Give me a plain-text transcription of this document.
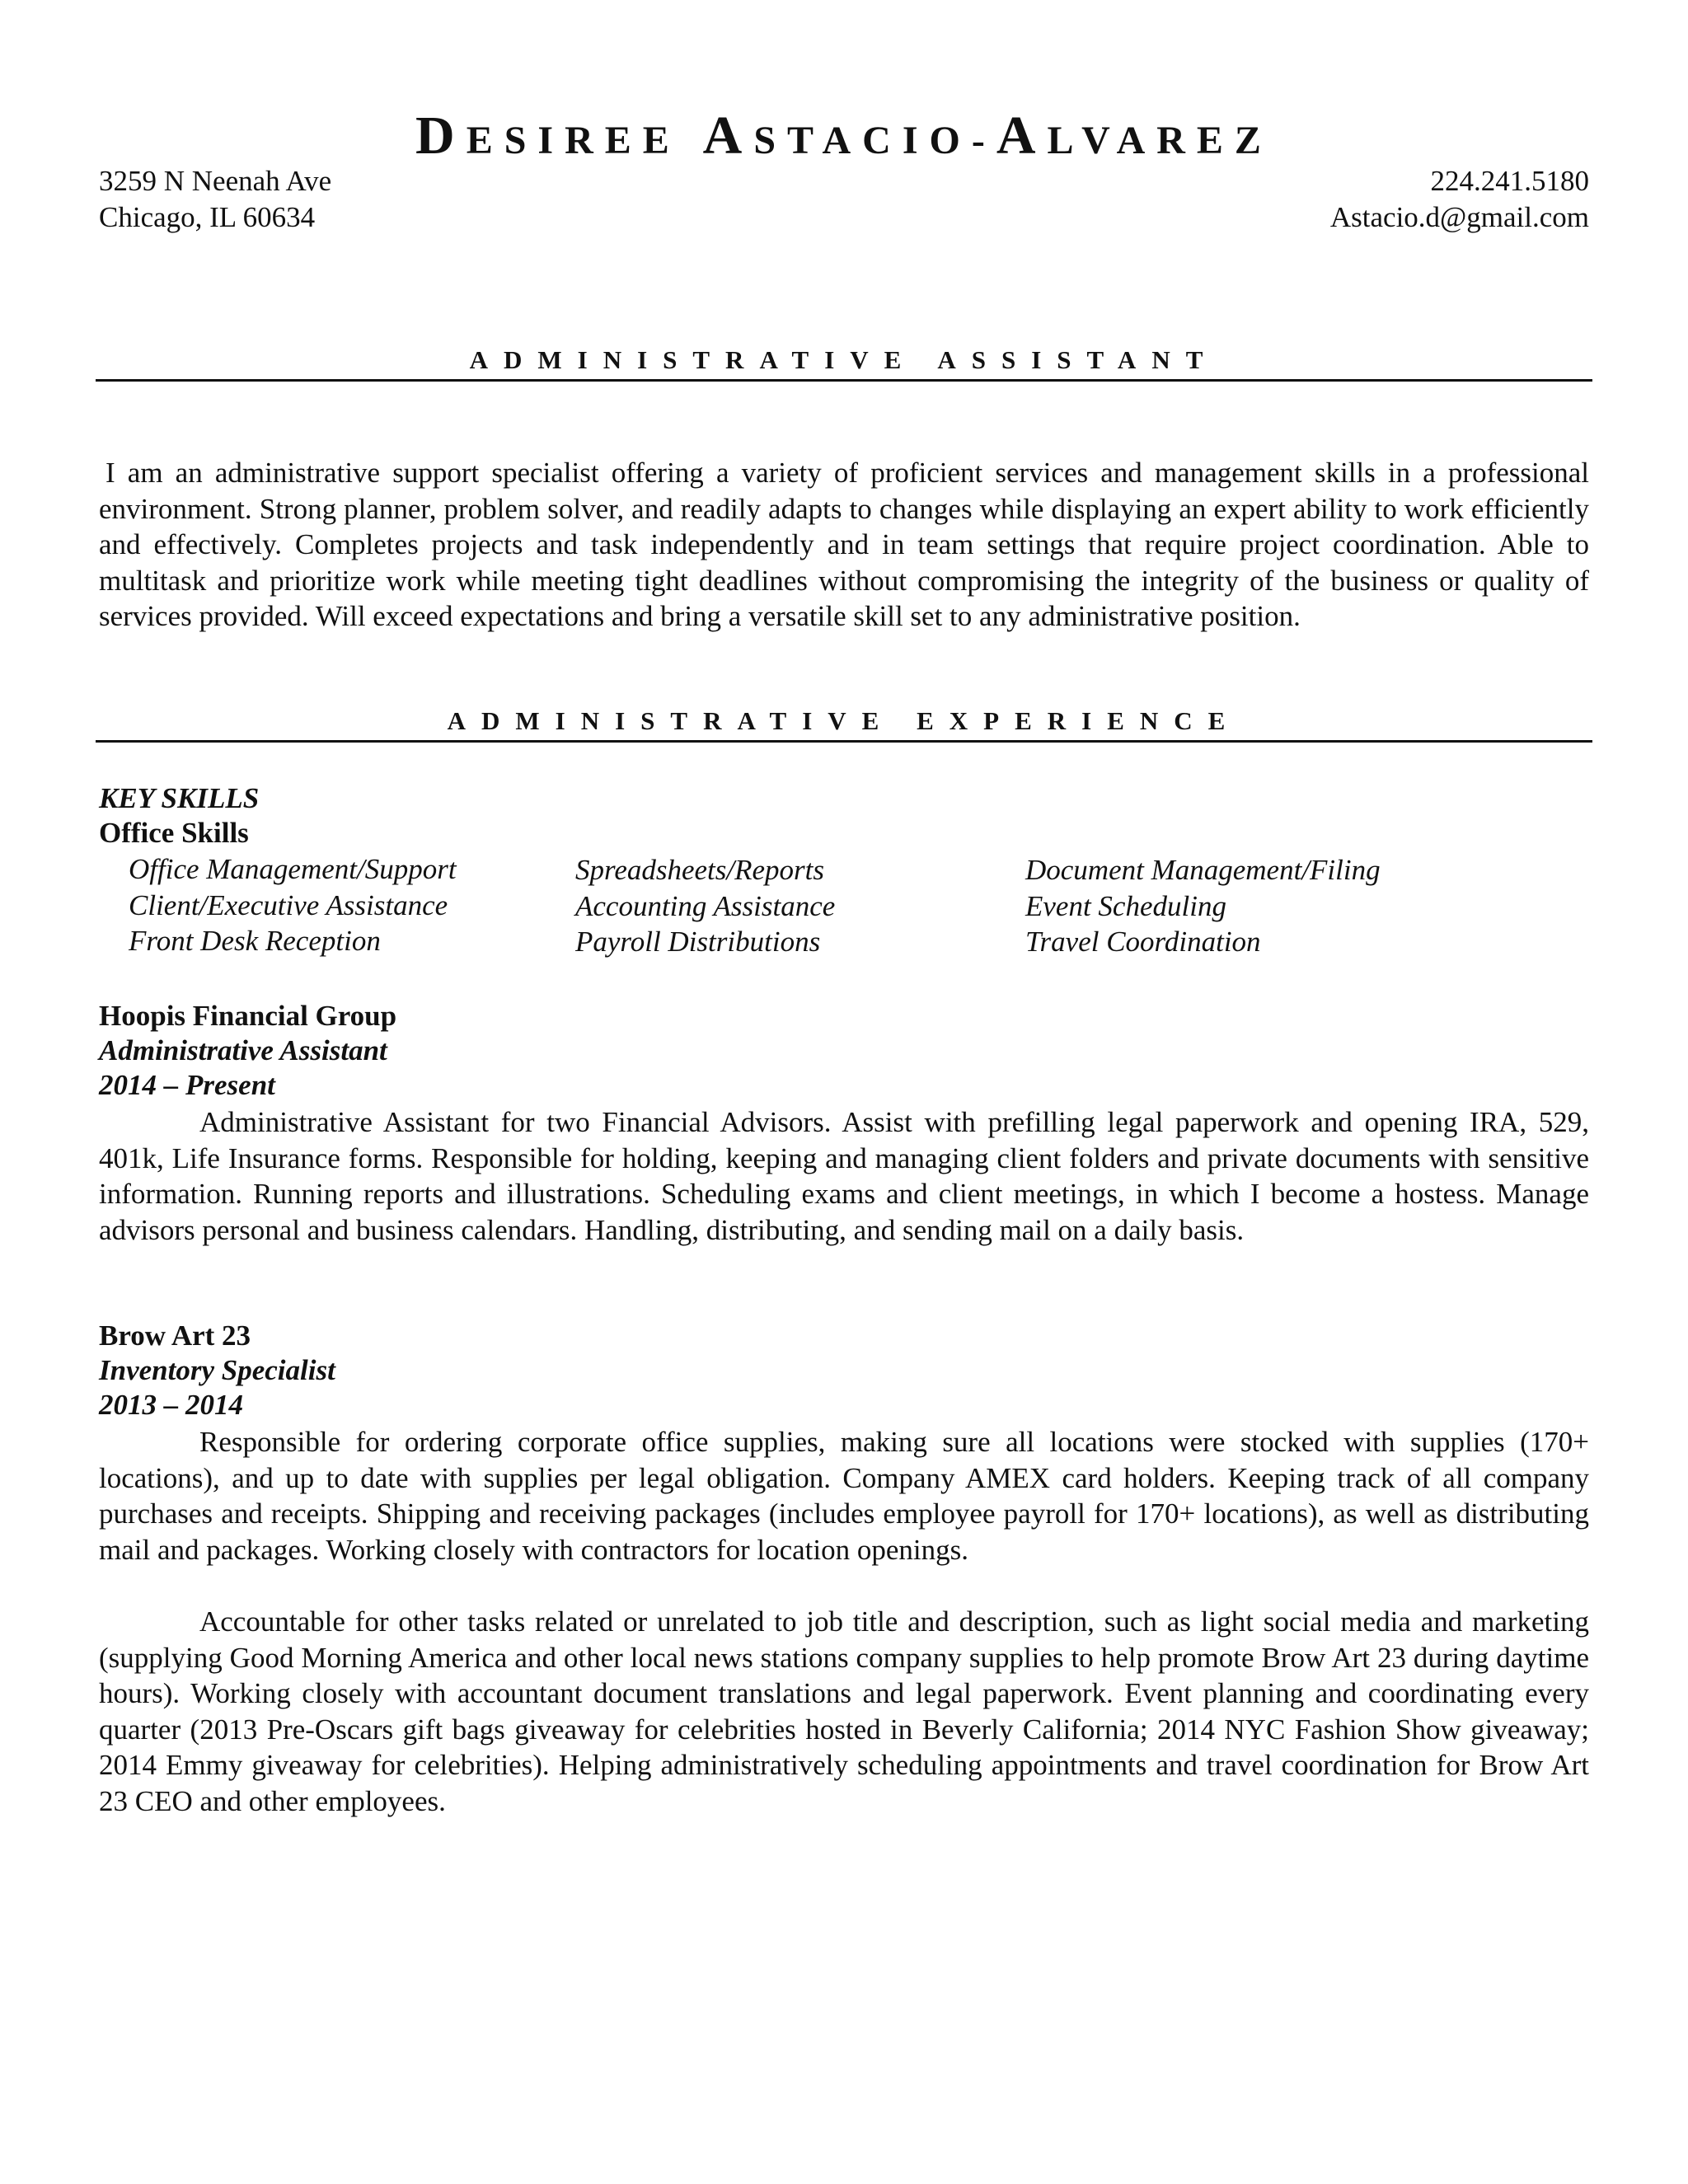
DESIREE ASTACIO-ALVAREZ
3259 N Neenah Ave
Chicago, IL 60634
224.241.5180
Astacio.d@gmail.com
ADMINISTRATIVE ASSISTANT

I am an administrative support specialist offering a variety of proficient services and management skills in a professional environment. Strong planner, problem solver, and readily adapts to changes while displaying an expert ability to work efficiently and effectively. Completes projects and task independently and in team settings that require project coordination. Able to multitask and prioritize work while meeting tight deadlines without compromising the integrity of the business or quality of services provided. Will exceed expectations and bring a versatile skill set to any administrative position.

ADMINISTRATIVE EXPERIENCE
KEY SKILLS
Office Skills
Office Management/Support
Client/Executive Assistance
Front Desk Reception
Spreadsheets/Reports
Accounting Assistance
Payroll Distributions
Document Management/Filing
Event Scheduling
Travel Coordination
Hoopis Financial Group
Administrative Assistant
2014 – Present

Administrative Assistant for two Financial Advisors. Assist with prefilling legal paperwork and opening IRA, 529, 401k, Life Insurance forms. Responsible for holding, keeping and managing client folders and private documents with sensitive information. Running reports and illustrations. Scheduling exams and client meetings, in which I become a hostess. Manage advisors personal and business calendars. Handling, distributing, and sending mail on a daily basis.

Brow Art 23
Inventory Specialist
2013 – 2014

Responsible for ordering corporate office supplies, making sure all locations were stocked with supplies (170+ locations), and up to date with supplies per legal obligation. Company AMEX card holders. Keeping track of all company purchases and receipts. Shipping and receiving packages (includes employee payroll for 170+ locations), as well as distributing mail and packages. Working closely with contractors for location openings.

Accountable for other tasks related or unrelated to job title and description, such as light social media and marketing (supplying Good Morning America and other local news stations company supplies to help promote Brow Art 23 during daytime hours). Working closely with accountant document translations and legal paperwork. Event planning and coordinating every quarter (2013 Pre-Oscars gift bags giveaway for celebrities hosted in Beverly California; 2014 NYC Fashion Show giveaway; 2014 Emmy giveaway for celebrities). Helping administratively scheduling appointments and travel coordination for Brow Art 23 CEO and other employees.
